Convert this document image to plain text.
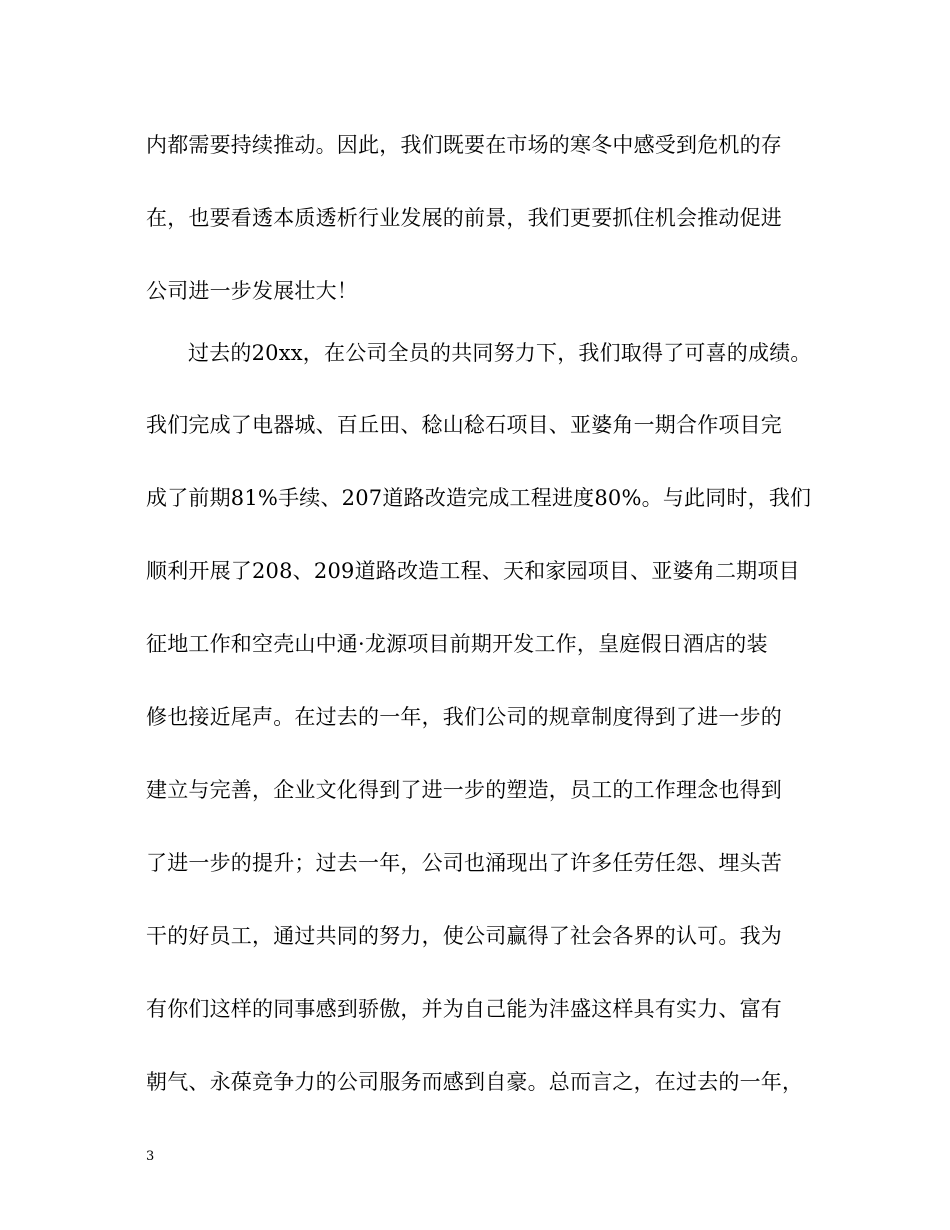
内都需要持续推动。因此，我们既要在市场的寒冬中感受到危机的存
在，也要看透本质透析行业发展的前景，我们更要抓住机会推动促进
公司进一步发展壮大！
过去的20xx，在公司全员的共同努力下，我们取得了可喜的成绩。
我们完成了电器城、百丘田、稔山稔石项目、亚婆角一期合作项目完
成了前期81%手续、207道路改造完成工程进度80%。与此同时，我们
顺利开展了208、209道路改造工程、天和家园项目、亚婆角二期项目
征地工作和空壳山中通·龙源项目前期开发工作，皇庭假日酒店的装
修也接近尾声。在过去的一年，我们公司的规章制度得到了进一步的
建立与完善，企业文化得到了进一步的塑造，员工的工作理念也得到
了进一步的提升；过去一年，公司也涌现出了许多任劳任怨、埋头苦
干的好员工，通过共同的努力，使公司赢得了社会各界的认可。我为
有你们这样的同事感到骄傲，并为自己能为沣盛这样具有实力、富有
朝气、永葆竞争力的公司服务而感到自豪。总而言之，在过去的一年，
3
